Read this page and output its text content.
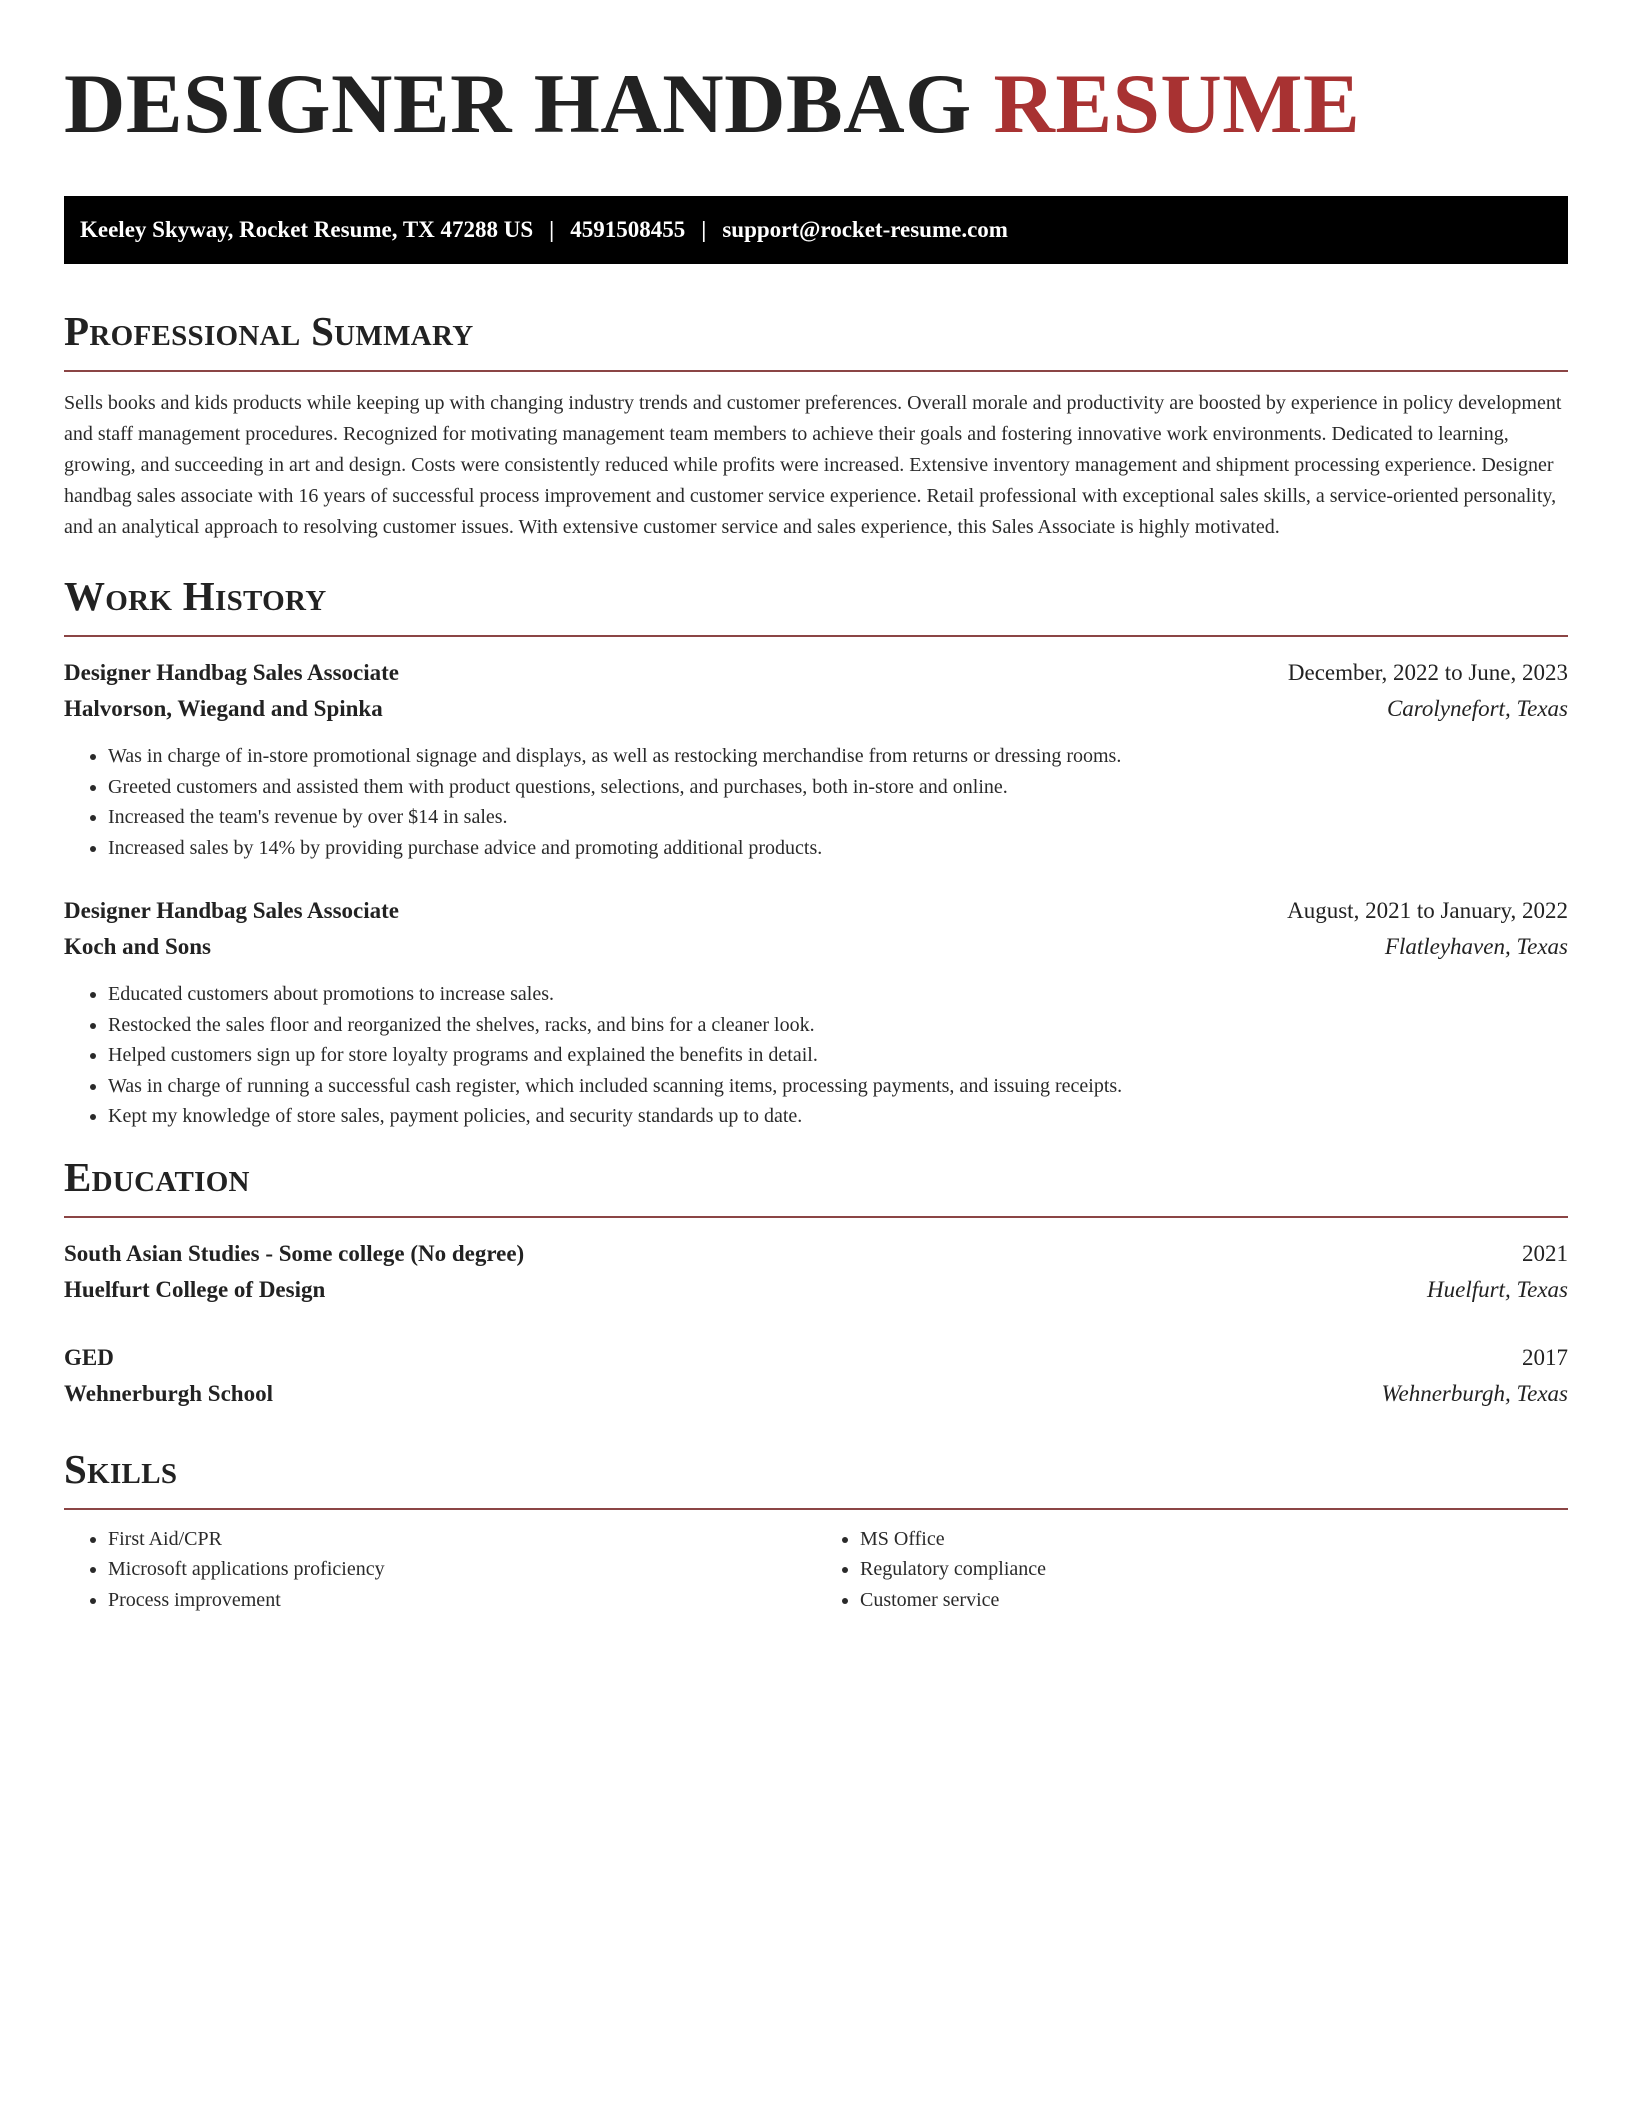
DESIGNER HANDBAG RESUME
Keeley Skyway, Rocket Resume, TX 47288 US | 4591508455 | support@rocket-resume.com
Professional Summary

Sells books and kids products while keeping up with changing industry trends and customer preferences. Overall morale and productivity are boosted by experience in policy development and staff management procedures. Recognized for motivating management team members to achieve their goals and fostering innovative work environments. Dedicated to learning, growing, and succeeding in art and design. Costs were consistently reduced while profits were increased. Extensive inventory management and shipment processing experience. Designer handbag sales associate with 16 years of successful process improvement and customer service experience. Retail professional with exceptional sales skills, a service-oriented personality, and an analytical approach to resolving customer issues. With extensive customer service and sales experience, this Sales Associate is highly motivated.

Work History
Designer Handbag Sales Associate	December, 2022 to June, 2023
Halvorson, Wiegand and Spinka	Carolynefort, Texas
• Was in charge of in-store promotional signage and displays, as well as restocking merchandise from returns or dressing rooms.
• Greeted customers and assisted them with product questions, selections, and purchases, both in-store and online.
• Increased the team's revenue by over $14 in sales.
• Increased sales by 14% by providing purchase advice and promoting additional products.
Designer Handbag Sales Associate	August, 2021 to January, 2022
Koch and Sons	Flatleyhaven, Texas
• Educated customers about promotions to increase sales.
• Restocked the sales floor and reorganized the shelves, racks, and bins for a cleaner look.
• Helped customers sign up for store loyalty programs and explained the benefits in detail.
• Was in charge of running a successful cash register, which included scanning items, processing payments, and issuing receipts.
• Kept my knowledge of store sales, payment policies, and security standards up to date.
Education
South Asian Studies - Some college (No degree)	2021
Huelfurt College of Design	Huelfurt, Texas
GED	2017
Wehnerburgh School	Wehnerburgh, Texas
Skills
• First Aid/CPR
• Microsoft applications proficiency
• Process improvement
• MS Office
• Regulatory compliance
• Customer service
